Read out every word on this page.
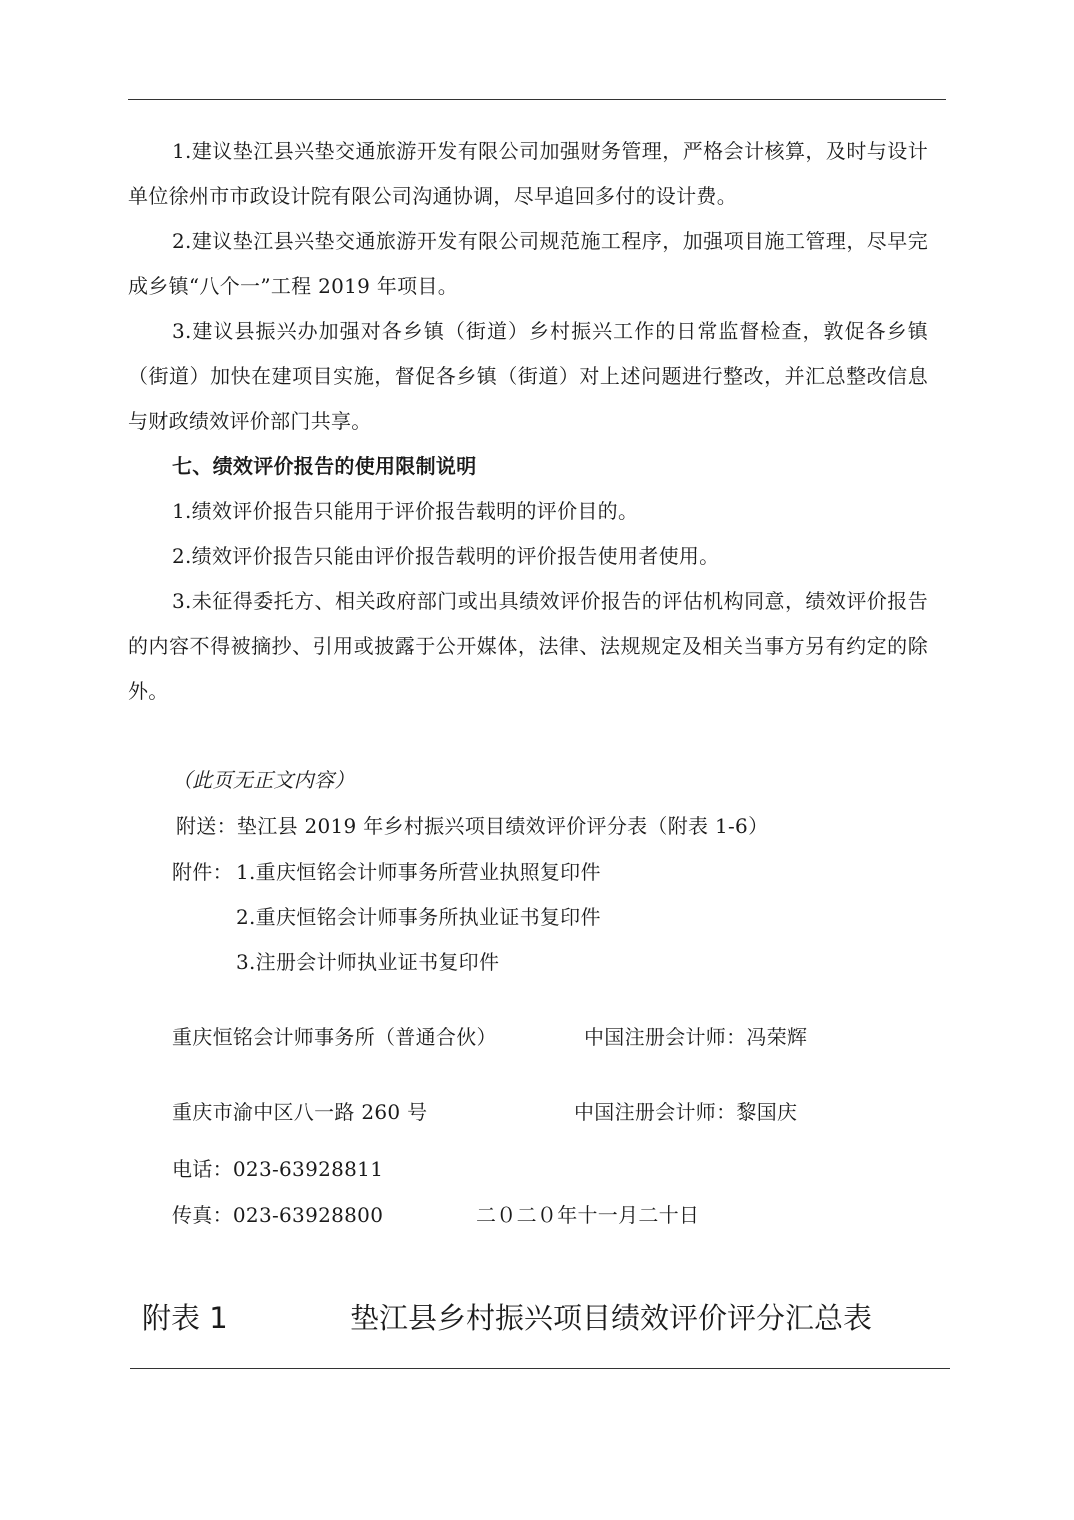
1.建议垫江县兴垫交通旅游开发有限公司加强财务管理，严格会计核算，及时与设计单位徐州市市政设计院有限公司沟通协调，尽早追回多付的设计费。
2.建议垫江县兴垫交通旅游开发有限公司规范施工程序，加强项目施工管理，尽早完成乡镇“八个一”工程 2019 年项目。
3.建议县振兴办加强对各乡镇（街道）乡村振兴工作的日常监督检查，敦促各乡镇（街道）加快在建项目实施，督促各乡镇（街道）对上述问题进行整改，并汇总整改信息与财政绩效评价部门共享。
七、绩效评价报告的使用限制说明
1.绩效评价报告只能用于评价报告载明的评价目的。
2.绩效评价报告只能由评价报告载明的评价报告使用者使用。
3.未征得委托方、相关政府部门或出具绩效评价报告的评估机构同意，绩效评价报告的内容不得被摘抄、引用或披露于公开媒体，法律、法规规定及相关当事方另有约定的除外。
（此页无正文内容）
附送：垫江县 2019 年乡村振兴项目绩效评价评分表（附表 1-6）
附件： 1.重庆恒铭会计师事务所营业执照复印件
2.重庆恒铭会计师事务所执业证书复印件
3.注册会计师执业证书复印件
重庆恒铭会计师事务所（普通合伙）	中国注册会计师：冯荣辉
重庆市渝中区八一路 260 号	中国注册会计师：黎国庆
电话：023-63928811
传真：023-63928800	二０二０年十一月二十日
附表 1	垫江县乡村振兴项目绩效评价评分汇总表
